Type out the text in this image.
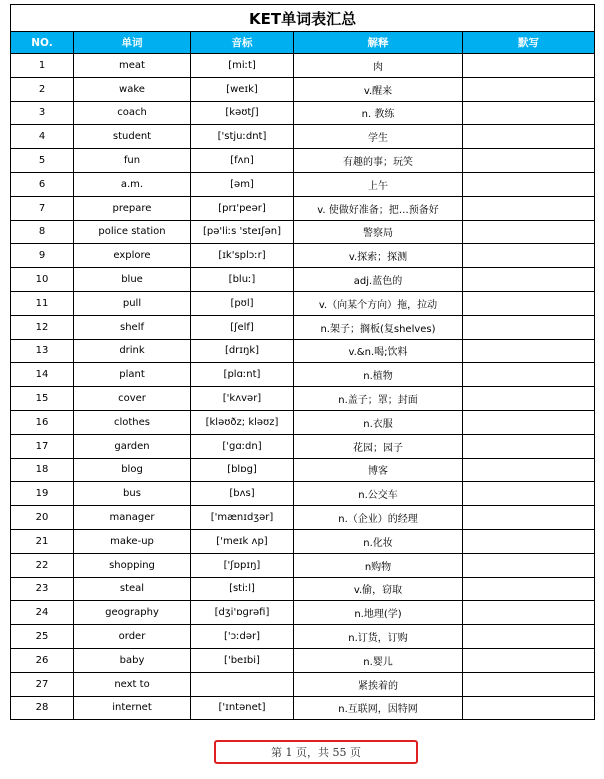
KET单词表汇总				
NO.	单词	音标	解释	默写
1	meat	[miːt]	肉	
2	wake	[weɪk]	v.醒来	
3	coach	[kəʊtʃ]	n. 教练	
4	student	['stjuːdnt]	学生	
5	fun	[fʌn]	有趣的事；玩笑	
6	a.m.	[əm]	上午	
7	prepare	[prɪ'peər]	v. 使做好准备；把…预备好	
8	police station	[pə'liːs 'steɪʃən]	警察局	
9	explore	[ɪk'splɔːr]	v.探索；探测	
10	blue	[bluː]	adj.蓝色的	
11	pull	[pʊl]	v.（向某个方向）拖，拉动	
12	shelf	[ʃelf]	n.架子；搁板(复shelves)	
13	drink	[drɪŋk]	v.&n.喝;饮料	
14	plant	[plɑːnt]	n.植物	
15	cover	['kʌvər]	n.盖子；罩；封面	
16	clothes	[kləʊðz; kləʊz]	n.衣服	
17	garden	['gɑːdn]	花园；园子	
18	blog	[blɒg]	博客	
19	bus	[bʌs]	n.公交车	
20	manager	['mænɪdʒər]	n.（企业）的经理	
21	make-up	['meɪk ʌp]	n.化妆	
22	shopping	['ʃɒpɪŋ]	n购物	
23	steal	[stiːl]	v.偷，窃取	
24	geography	[dʒi'ɒɡrəfi]	n.地理(学)	
25	order	['ɔːdər]	n.订货，订购	
26	baby	['beɪbi]	n.婴儿	
27	next to		紧挨着的	
28	internet	['ɪntənet]	n.互联网，因特网	
第 1 页，共 55 页
